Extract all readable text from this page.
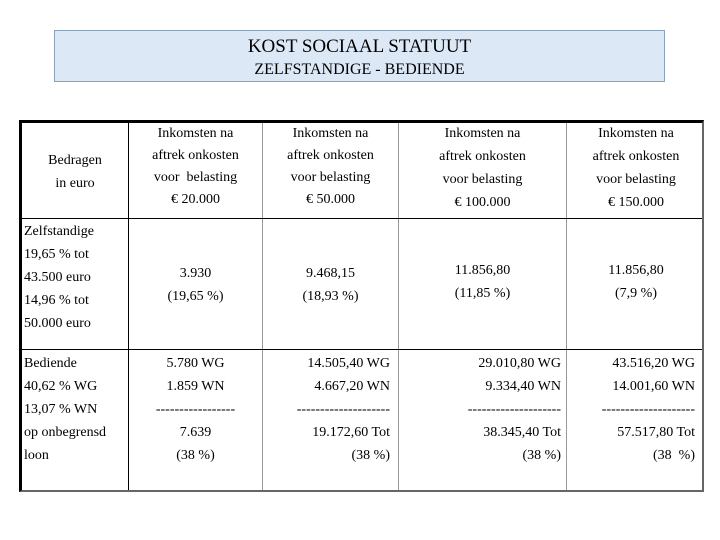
KOST SOCIAAL STATUUT
ZELFSTANDIGE - BEDIENDE
Bedragen
in euro
Inkomsten na
aftrek onkosten
voor  belasting
€ 20.000
Inkomsten na
aftrek onkosten
voor belasting
€ 50.000
Inkomsten na
aftrek onkosten
voor belasting
€ 100.000
Inkomsten na
aftrek onkosten
voor belasting
€ 150.000
Zelfstandige
19,65 % tot
43.500 euro
14,96 % tot
50.000 euro
3.930
(19,65 %)
9.468,15
(18,93 %)
11.856,80
(11,85 %)
11.856,80
(7,9 %)
Bediende
40,62 % WG
13,07 % WN
op onbegrensd
loon
5.780 WG
1.859 WN
-----------------
7.639
(38 %)
14.505,40 WG
4.667,20 WN
--------------------
19.172,60 Tot
(38 %)
29.010,80 WG
9.334,40 WN
--------------------
38.345,40 Tot
(38 %)
43.516,20 WG
14.001,60 WN
--------------------
57.517,80 Tot
(38  %)
